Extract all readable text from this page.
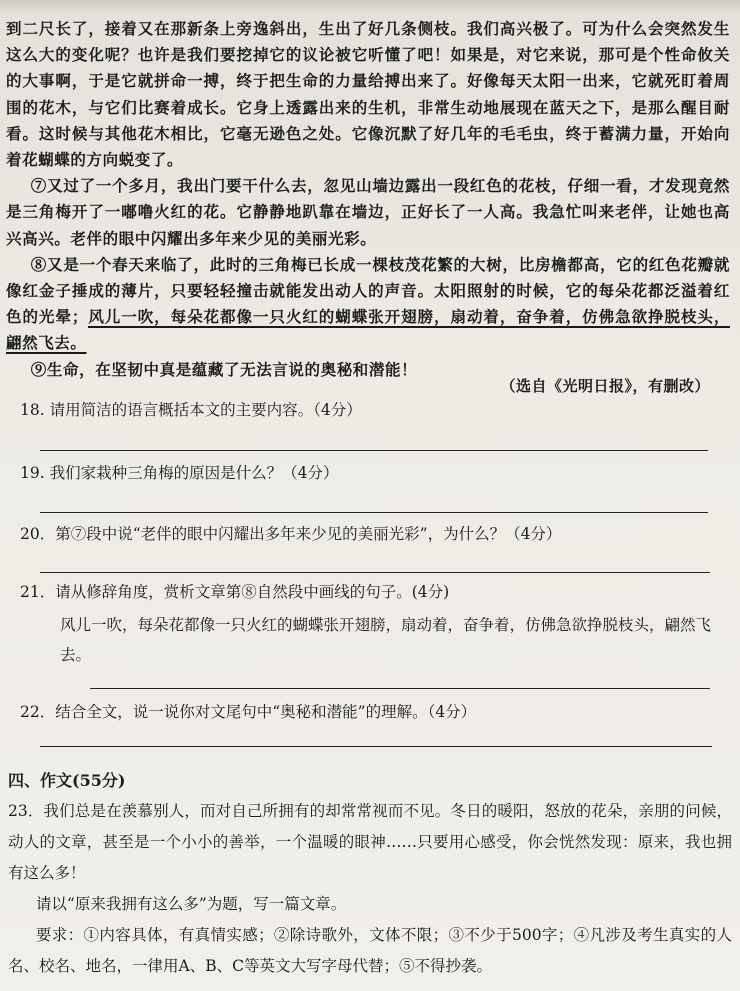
到二尺长了，接着又在那新条上旁逸斜出，生出了好几条侧枝。我们高兴极了。可为什么会突然发生这么大的变化呢？也许是我们要挖掉它的议论被它听懂了吧！如果是，对它来说，那可是个性命攸关的大事啊，于是它就拼命一搏，终于把生命的力量给搏出来了。好像每天太阳一出来，它就死盯着周围的花木，与它们比赛着成长。它身上透露出来的生机，非常生动地展现在蓝天之下，是那么醒目耐看。这时候与其他花木相比，它毫无逊色之处。它像沉默了好几年的毛毛虫，终于蓄满力量，开始向着花蝴蝶的方向蜕变了。

⑦又过了一个多月，我出门要干什么去，忽见山墙边露出一段红色的花枝，仔细一看，才发现竟然是三角梅开了一嘟噜火红的花。它静静地趴靠在墙边，正好长了一人高。我急忙叫来老伴，让她也高兴高兴。老伴的眼中闪耀出多年来少见的美丽光彩。

⑧又是一个春天来临了，此时的三角梅已长成一棵枝茂花繁的大树，比房檐都高，它的红色花瓣就像红金子捶成的薄片，只要轻轻撞击就能发出动人的声音。太阳照射的时候，它的每朵花都泛溢着红色的光晕；风儿一吹，每朵花都像一只火红的蝴蝶张开翅膀，扇动着，奋争着，仿佛急欲挣脱枝头，翩然飞去。

⑨生命，在坚韧中真是蕴藏了无法言说的奥秘和潜能！

（选自《光明日报》，有删改）
18. 请用简洁的语言概括本文的主要内容。（4分）
19. 我们家栽种三角梅的原因是什么？（4分）
20．第⑦段中说“老伴的眼中闪耀出多年来少见的美丽光彩”，为什么？（4分）
21．请从修辞角度，赏析文章第⑧自然段中画线的句子。(4分)
风儿一吹，每朵花都像一只火红的蝴蝶张开翅膀，扇动着，奋争着，仿佛急欲挣脱枝头，翩然飞去。
22．结合全文，说一说你对文尾句中“奥秘和潜能”的理解。（4分）

四、作文(55分)

23．我们总是在羡慕别人，而对自己所拥有的却常常视而不见。冬日的暖阳，怒放的花朵，亲朋的问候，动人的文章，甚至是一个小小的善举，一个温暖的眼神……只要用心感受，你会恍然发现：原来，我也拥有这么多！

请以“原来我拥有这么多”为题，写一篇文章。

要求：①内容具体，有真情实感；②除诗歌外，文体不限；③不少于500字；④凡涉及考生真实的人名、校名、地名，一律用A、B、C等英文大写字母代替；⑤不得抄袭。
